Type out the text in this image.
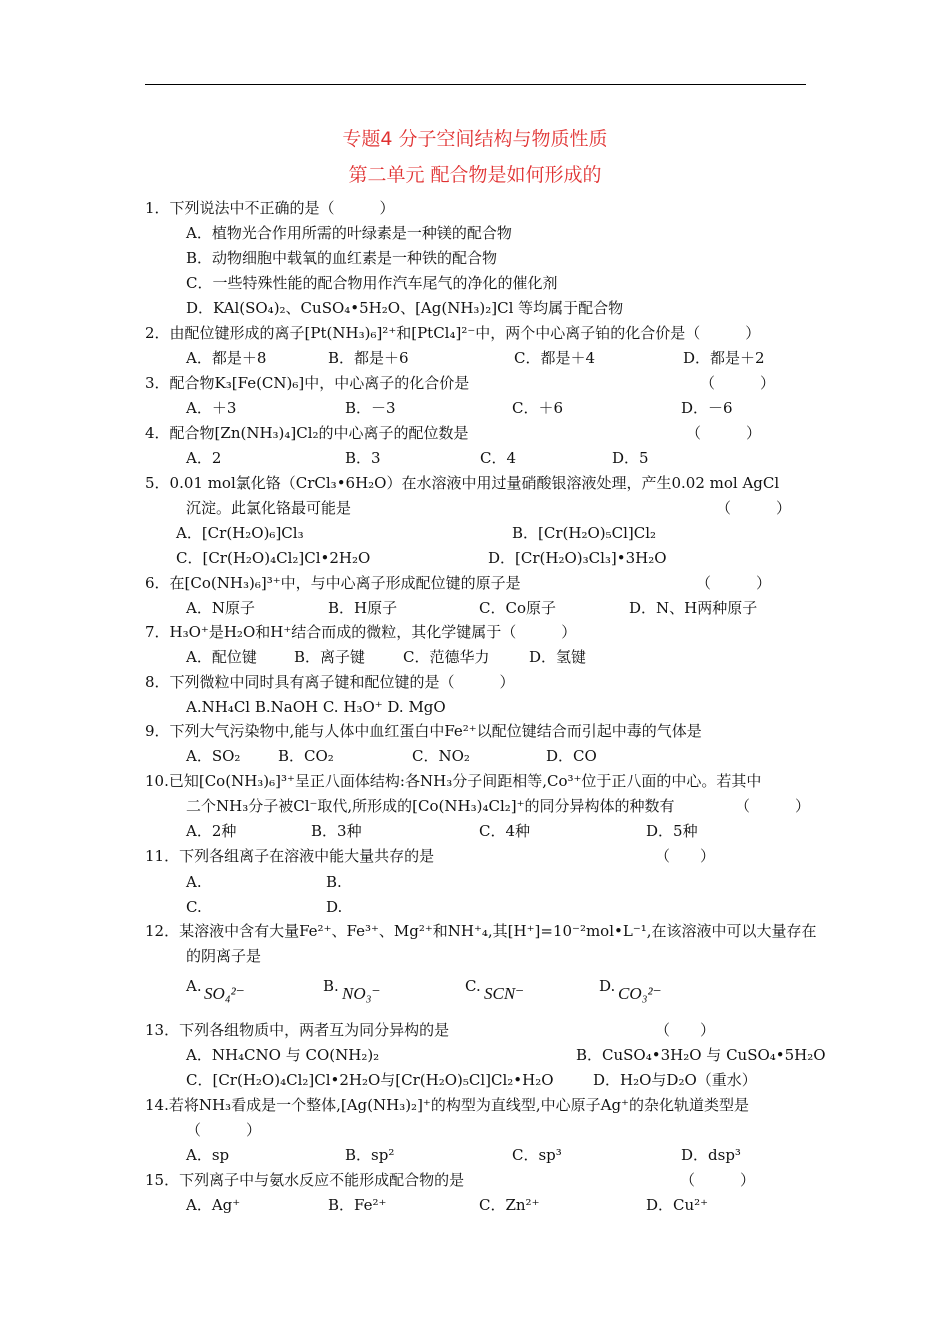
专题4 分子空间结构与物质性质
第二单元 配合物是如何形成的
1．下列说法中不正确的是（　　　）
A．植物光合作用所需的叶绿素是一种镁的配合物
B．动物细胞中载氧的血红素是一种铁的配合物
C．一些特殊性能的配合物用作汽车尾气的净化的催化剂
D．KAl(SO₄)₂、CuSO₄•5H₂O、[Ag(NH₃)₂]Cl 等均属于配合物
2．由配位键形成的离子[Pt(NH₃)₆]²⁺和[PtCl₄]²⁻中，两个中心离子铂的化合价是（　　　）
A．都是＋8	B．都是＋6	C．都是＋4	D．都是＋2
3．配合物K₃[Fe(CN)₆]中，中心离子的化合价是	（　　　）
A．＋3	B．－3	C．＋6	D．－6
4．配合物[Zn(NH₃)₄]Cl₂的中心离子的配位数是	（　　　）
A．2	B．3	C．4	D．5
5．0.01 mol氯化铬（CrCl₃•6H₂O）在水溶液中用过量硝酸银溶液处理，产生0.02 mol AgCl
沉淀。此氯化铬最可能是	（　　　）
A．[Cr(H₂O)₆]Cl₃	B．[Cr(H₂O)₅Cl]Cl₂
C．[Cr(H₂O)₄Cl₂]Cl•2H₂O	D．[Cr(H₂O)₃Cl₃]•3H₂O
6．在[Co(NH₃)₆]³⁺中，与中心离子形成配位键的原子是	（　　　）
A．N原子	B．H原子	C．Co原子	D．N、H两种原子
7．H₃O⁺是H₂O和H⁺结合而成的微粒，其化学键属于（　　　）
A．配位键 B．离子键	C．范德华力	D．氢键
8．下列微粒中同时具有离子键和配位键的是（　　　）
A.NH₄Cl B.NaOH C. H₃O⁺ D. MgO
9．下列大气污染物中,能与人体中血红蛋白中Fe²⁺以配位键结合而引起中毒的气体是
A．SO₂	B．CO₂	C．NO₂	D．CO
10.已知[Co(NH₃)₆]³⁺呈正八面体结构:各NH₃分子间距相等,Co³⁺位于正八面的中心。若其中
二个NH₃分子被Cl⁻取代,所形成的[Co(NH₃)₄Cl₂]⁺的同分异构体的种数有	（　　　）
A．2种	B．3种	C．4种	D．5种
11．下列各组离子在溶液中能大量共存的是	（　　）
A.	B.
C.	D.
12．某溶液中含有大量Fe²⁺、Fe³⁺、Mg²⁺和NH⁺₄,其[H⁺]=10⁻²mol•L⁻¹,在该溶液中可以大量存在
的阴离子是
A. SO₄²⁻	B. NO₃⁻	C. SCN⁻	D. CO₃²⁻
13．下列各组物质中，两者互为同分异构的是	（　　）
A．NH₄CNO 与 CO(NH₂)₂	B．CuSO₄•3H₂O 与 CuSO₄•5H₂O
C．[Cr(H₂O)₄Cl₂]Cl•2H₂O与[Cr(H₂O)₅Cl]Cl₂•H₂O	D．H₂O与D₂O（重水）
14.若将NH₃看成是一个整体,[Ag(NH₃)₂]⁺的构型为直线型,中心原子Ag⁺的杂化轨道类型是
（　　　）
A．sp	B．sp²	C．sp³	D．dsp³
15．下列离子中与氨水反应不能形成配合物的是	（　　　）
A．Ag⁺	B．Fe²⁺	C．Zn²⁺	D．Cu²⁺
